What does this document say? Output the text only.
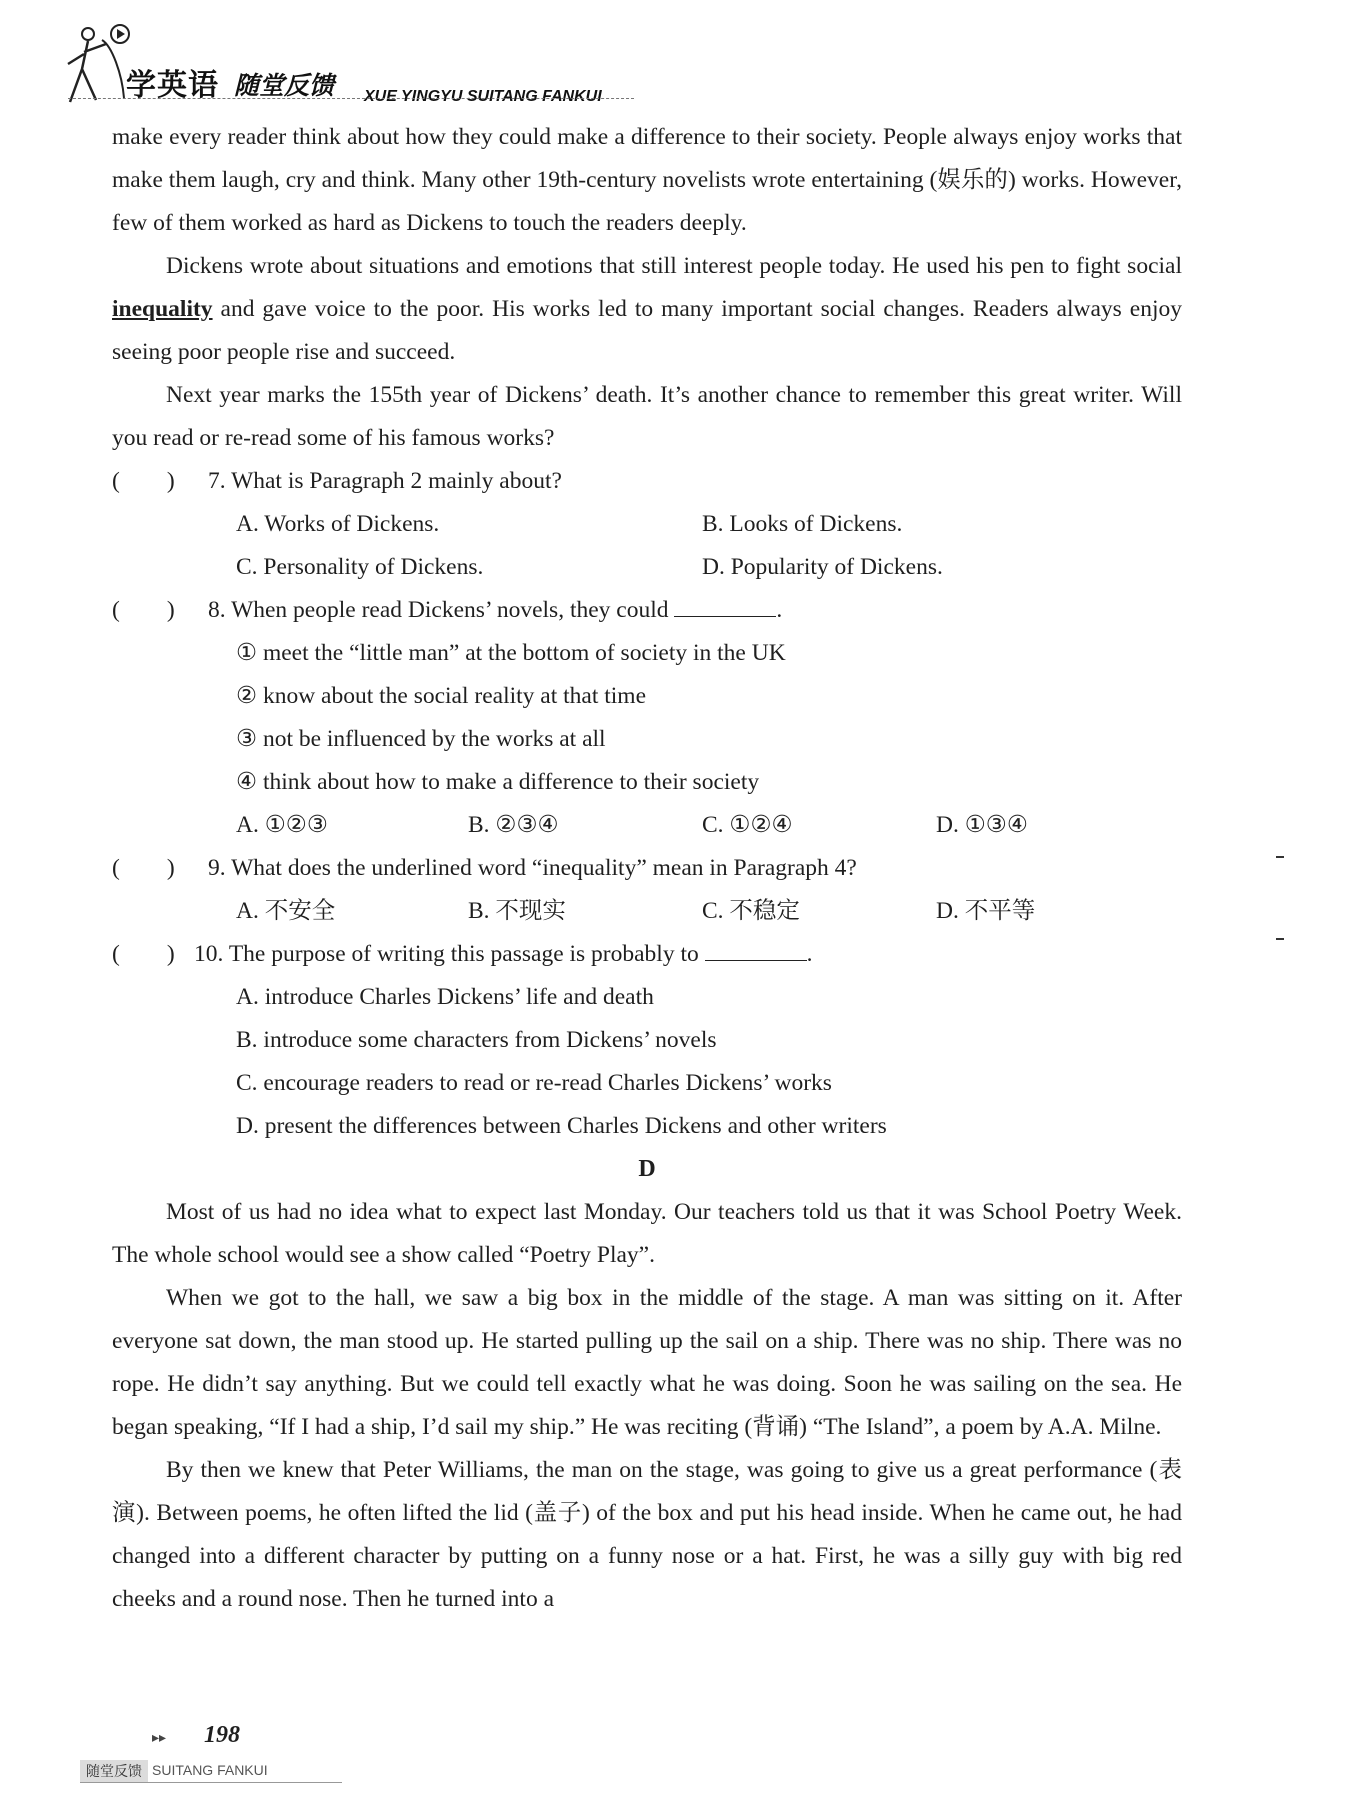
学英语 随堂反馈 XUE YINGYU SUITANG FANKUI

make every reader think about how they could make a difference to their society. People always enjoy works that make them laugh, cry and think. Many other 19th-century novelists wrote entertaining (娱乐的) works. However, few of them worked as hard as Dickens to touch the readers deeply.

Dickens wrote about situations and emotions that still interest people today. He used his pen to fight social inequality and gave voice to the poor. His works led to many important social changes. Readers always enjoy seeing poor people rise and succeed.

Next year marks the 155th year of Dickens’ death. It’s another chance to remember this great writer. Will you read or re-read some of his famous works?

(　　) 7. What is Paragraph 2 mainly about?
A. Works of Dickens.	B. Looks of Dickens.
C. Personality of Dickens.	D. Popularity of Dickens.
(　　) 8. When people read Dickens’ novels, they could	.
① meet the “little man” at the bottom of society in the UK
② know about the social reality at that time
③ not be influenced by the works at all
④ think about how to make a difference to their society
A. ①②③	B. ②③④	C. ①②④	D. ①③④
(　　) 9. What does the underlined word “inequality” mean in Paragraph 4?
A. 不安全	B. 不现实	C. 不稳定	D. 不平等
(　　) 10. The purpose of writing this passage is probably to	.
A. introduce Charles Dickens’ life and death
B. introduce some characters from Dickens’ novels
C. encourage readers to read or re-read Charles Dickens’ works
D. present the differences between Charles Dickens and other writers
D

Most of us had no idea what to expect last Monday. Our teachers told us that it was School Poetry Week. The whole school would see a show called “Poetry Play”.

When we got to the hall, we saw a big box in the middle of the stage. A man was sitting on it. After everyone sat down, the man stood up. He started pulling up the sail on a ship. There was no ship. There was no rope. He didn’t say anything. But we could tell exactly what he was doing. Soon he was sailing on the sea. He began speaking, “If I had a ship, I’d sail my ship.” He was reciting (背诵) “The Island”, a poem by A.A. Milne.

By then we knew that Peter Williams, the man on the stage, was going to give us a great performance (表演). Between poems, he often lifted the lid (盖子) of the box and put his head inside. When he came out, he had changed into a different character by putting on a funny nose or a hat. First, he was a silly guy with big red cheeks and a round nose. Then he turned into a

▸▸ 198
随堂反馈 SUITANG FANKUI
